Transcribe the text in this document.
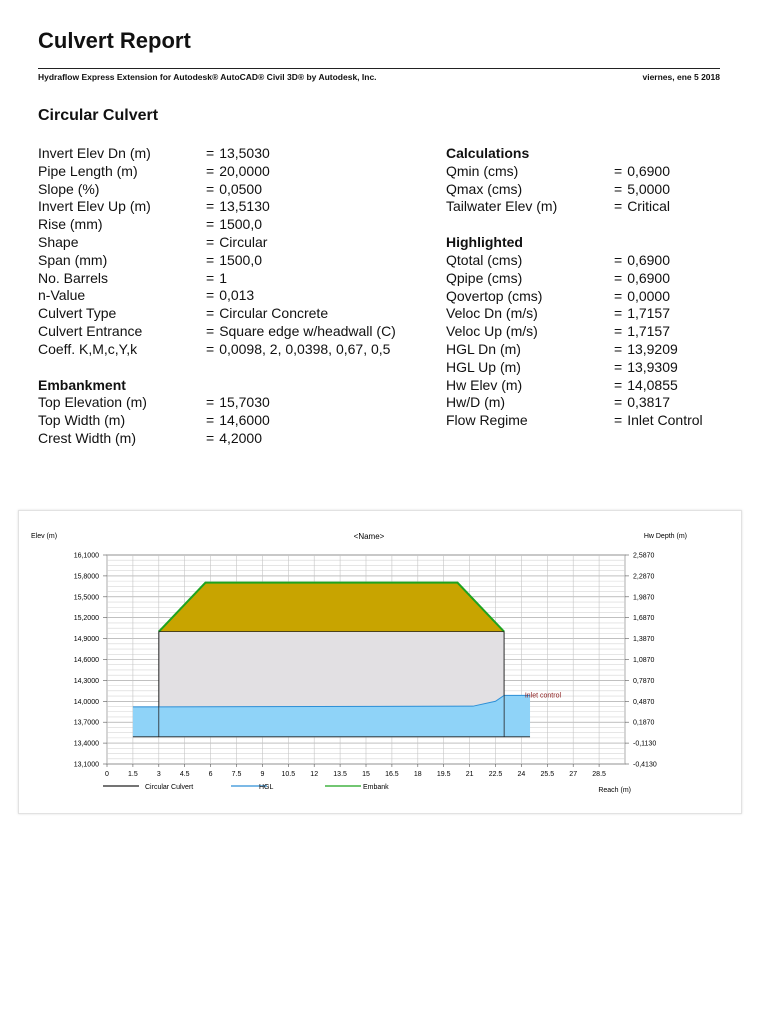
Culvert Report
Hydraflow Express Extension for Autodesk® AutoCAD® Civil 3D® by Autodesk, Inc.	viernes, ene 5 2018
Circular Culvert
Invert Elev Dn (m)	= 13,5030
Pipe Length (m)	= 20,0000
Slope (%)	= 0,0500
Invert Elev Up (m)	= 13,5130
Rise (mm)	= 1500,0
Shape	= Circular
Span (mm)	= 1500,0
No. Barrels	= 1
n-Value	= 0,013
Culvert Type	= Circular Concrete
Culvert Entrance	= Square edge w/headwall (C)
Coeff. K,M,c,Y,k	= 0,0098, 2, 0,0398, 0,67, 0,5
Embankment
Top Elevation (m)	= 15,7030
Top Width (m)	= 14,6000
Crest Width (m)	= 4,2000
Calculations
Qmin (cms)	= 0,6900
Qmax (cms)	= 5,0000
Tailwater Elev (m)	= Critical
Highlighted
Qtotal (cms)	= 0,6900
Qpipe (cms)	= 0,6900
Qovertop (cms)	= 0,0000
Veloc Dn (m/s)	= 1,7157
Veloc Up (m/s)	= 1,7157
HGL Dn (m)	= 13,9209
HGL Up (m)	= 13,9309
Hw Elev (m)	= 14,0855
Hw/D (m)	= 0,3817
Flow Regime	= Inlet Control
Inlet control
16,1000	2,5870
15,8000	2,2870
15,5000	1,9870
15,2000	1,6870
14,9000	1,3870
14,6000	1,0870
14,3000	0,7870
14,0000	0,4870
13,7000	0,1870
13,4000	-0,1130
13,1000	-0,4130
0	1.5	3	4.5	6	7.5	9 10.5 12 13.5 15 16.5 18 19.5 21 22.5 24 25.5 27 28.5
Elev (m)	<Name>	Hw Depth (m)
Reach (m)
Circular Culvert	HGL	Embank
